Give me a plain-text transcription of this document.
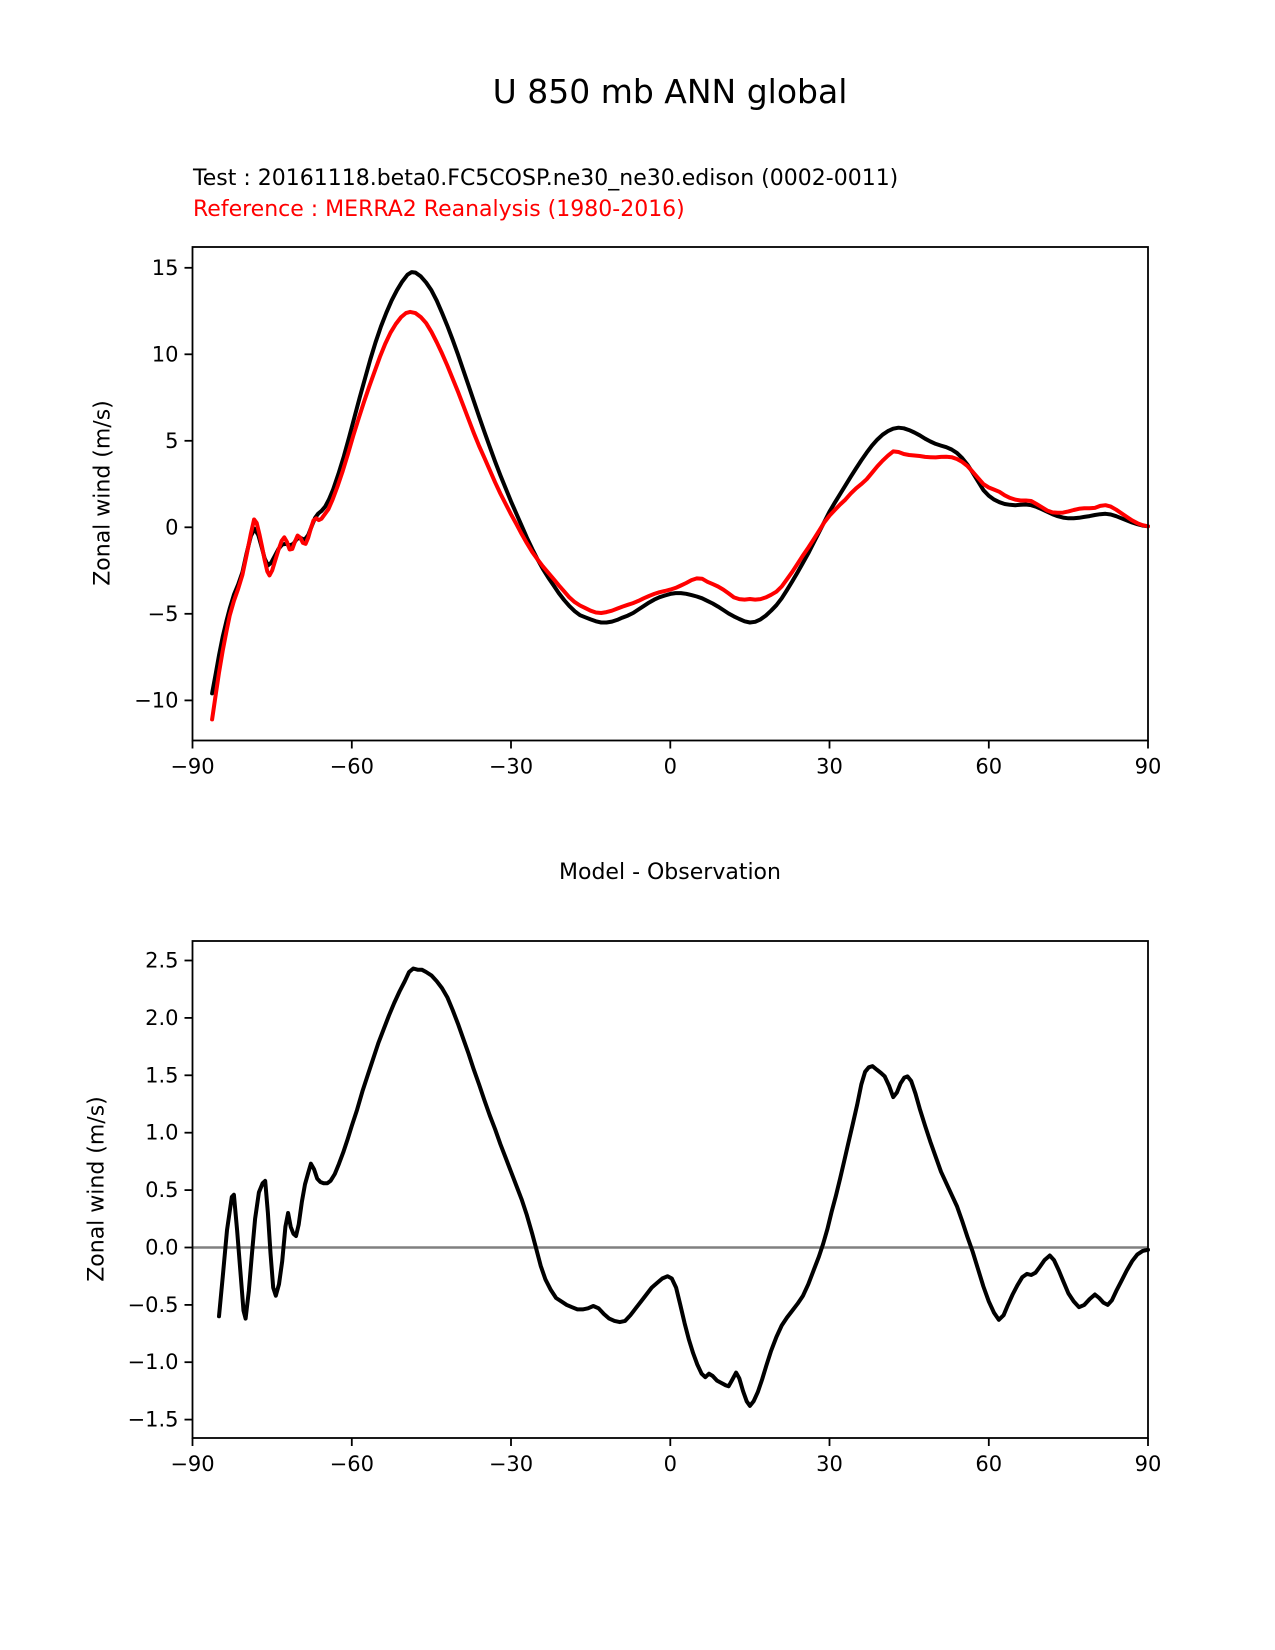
U 850 mb ANN global
Test : 20161118.beta0.FC5COSP.ne30_ne30.edison (0002-0011)
Reference : MERRA2 Reanalysis (1980-2016)
Zonal wind (m/s)
−90	−60	−30	0	30	60	90
15
10
5
0
−5
−10
Model - Observation
Zonal wind (m/s)
−90	−60	−30	0	30	60	90
2.5
2.0
1.5
1.0
0.5
0.0
−0.5
−1.0
−1.5
